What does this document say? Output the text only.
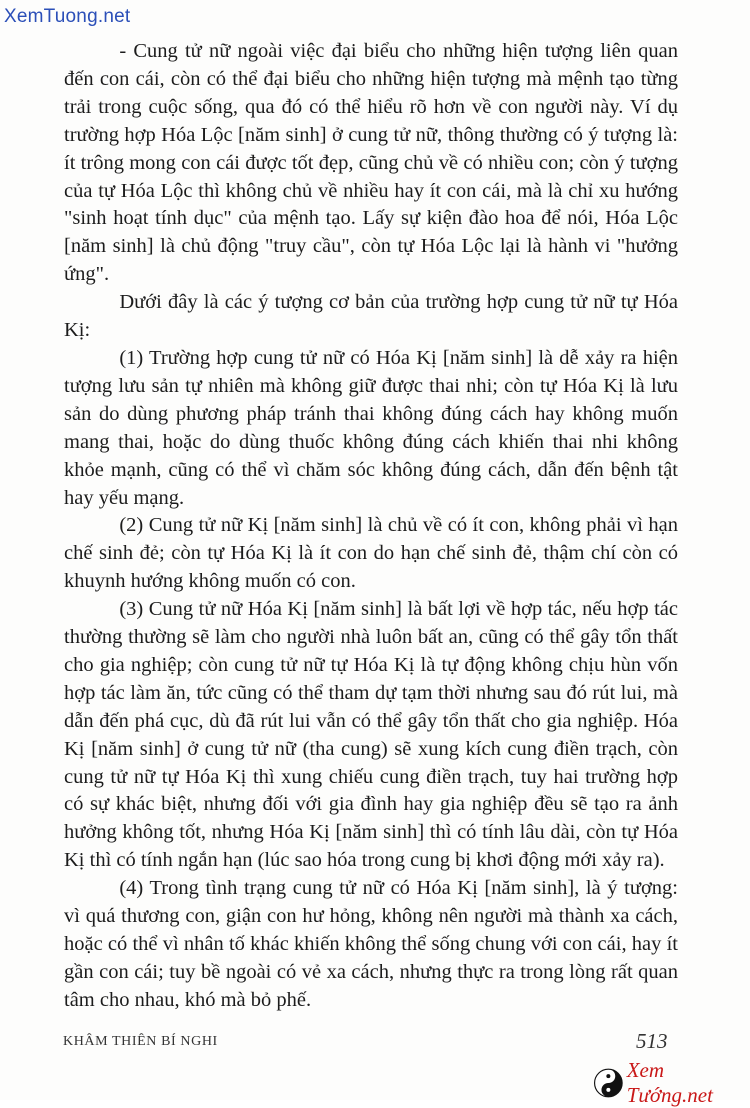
XemTuong.net

- Cung tử nữ ngoài việc đại biểu cho những hiện tượng liên quan đến con cái, còn có thể đại biểu cho những hiện tượng mà mệnh tạo từng trải trong cuộc sống, qua đó có thể hiểu rõ hơn về con người này. Ví dụ trường hợp Hóa Lộc [năm sinh] ở cung tử nữ, thông thường có ý tượng là: ít trông mong con cái được tốt đẹp, cũng chủ về có nhiều con; còn ý tượng của tự Hóa Lộc thì không chủ về nhiều hay ít con cái, mà là chỉ xu hướng "sinh hoạt tính dục" của mệnh tạo. Lấy sự kiện đào hoa để nói, Hóa Lộc [năm sinh] là chủ động "truy cầu", còn tự Hóa Lộc lại là hành vi "hưởng ứng".

Dưới đây là các ý tượng cơ bản của trường hợp cung tử nữ tự Hóa Kị:

(1) Trường hợp cung tử nữ có Hóa Kị [năm sinh] là dễ xảy ra hiện tượng lưu sản tự nhiên mà không giữ được thai nhi; còn tự Hóa Kị là lưu sản do dùng phương pháp tránh thai không đúng cách hay không muốn mang thai, hoặc do dùng thuốc không đúng cách khiến thai nhi không khỏe mạnh, cũng có thể vì chăm sóc không đúng cách, dẫn đến bệnh tật hay yếu mạng.

(2) Cung tử nữ Kị [năm sinh] là chủ về có ít con, không phải vì hạn chế sinh đẻ; còn tự Hóa Kị là ít con do hạn chế sinh đẻ, thậm chí còn có khuynh hướng không muốn có con.

(3) Cung tử nữ Hóa Kị [năm sinh] là bất lợi về hợp tác, nếu hợp tác thường thường sẽ làm cho người nhà luôn bất an, cũng có thể gây tổn thất cho gia nghiệp; còn cung tử nữ tự Hóa Kị là tự động không chịu hùn vốn hợp tác làm ăn, tức cũng có thể tham dự tạm thời nhưng sau đó rút lui, mà dẫn đến phá cục, dù đã rút lui vẫn có thể gây tổn thất cho gia nghiệp. Hóa Kị [năm sinh] ở cung tử nữ (tha cung) sẽ xung kích cung điền trạch, còn cung tử nữ tự Hóa Kị thì xung chiếu cung điền trạch, tuy hai trường hợp có sự khác biệt, nhưng đối với gia đình hay gia nghiệp đều sẽ tạo ra ảnh hưởng không tốt, nhưng Hóa Kị [năm sinh] thì có tính lâu dài, còn tự Hóa Kị thì có tính ngắn hạn (lúc sao hóa trong cung bị khơi động mới xảy ra).

(4) Trong tình trạng cung tử nữ có Hóa Kị [năm sinh], là ý tượng: vì quá thương con, giận con hư hỏng, không nên người mà thành xa cách, hoặc có thể vì nhân tố khác khiến không thể sống chung với con cái, hay ít gần con cái; tuy bề ngoài có vẻ xa cách, nhưng thực ra trong lòng rất quan tâm cho nhau, khó mà bỏ phế.

KHÂM THIÊN BÍ NGHI	513
Xem Tướng.net
